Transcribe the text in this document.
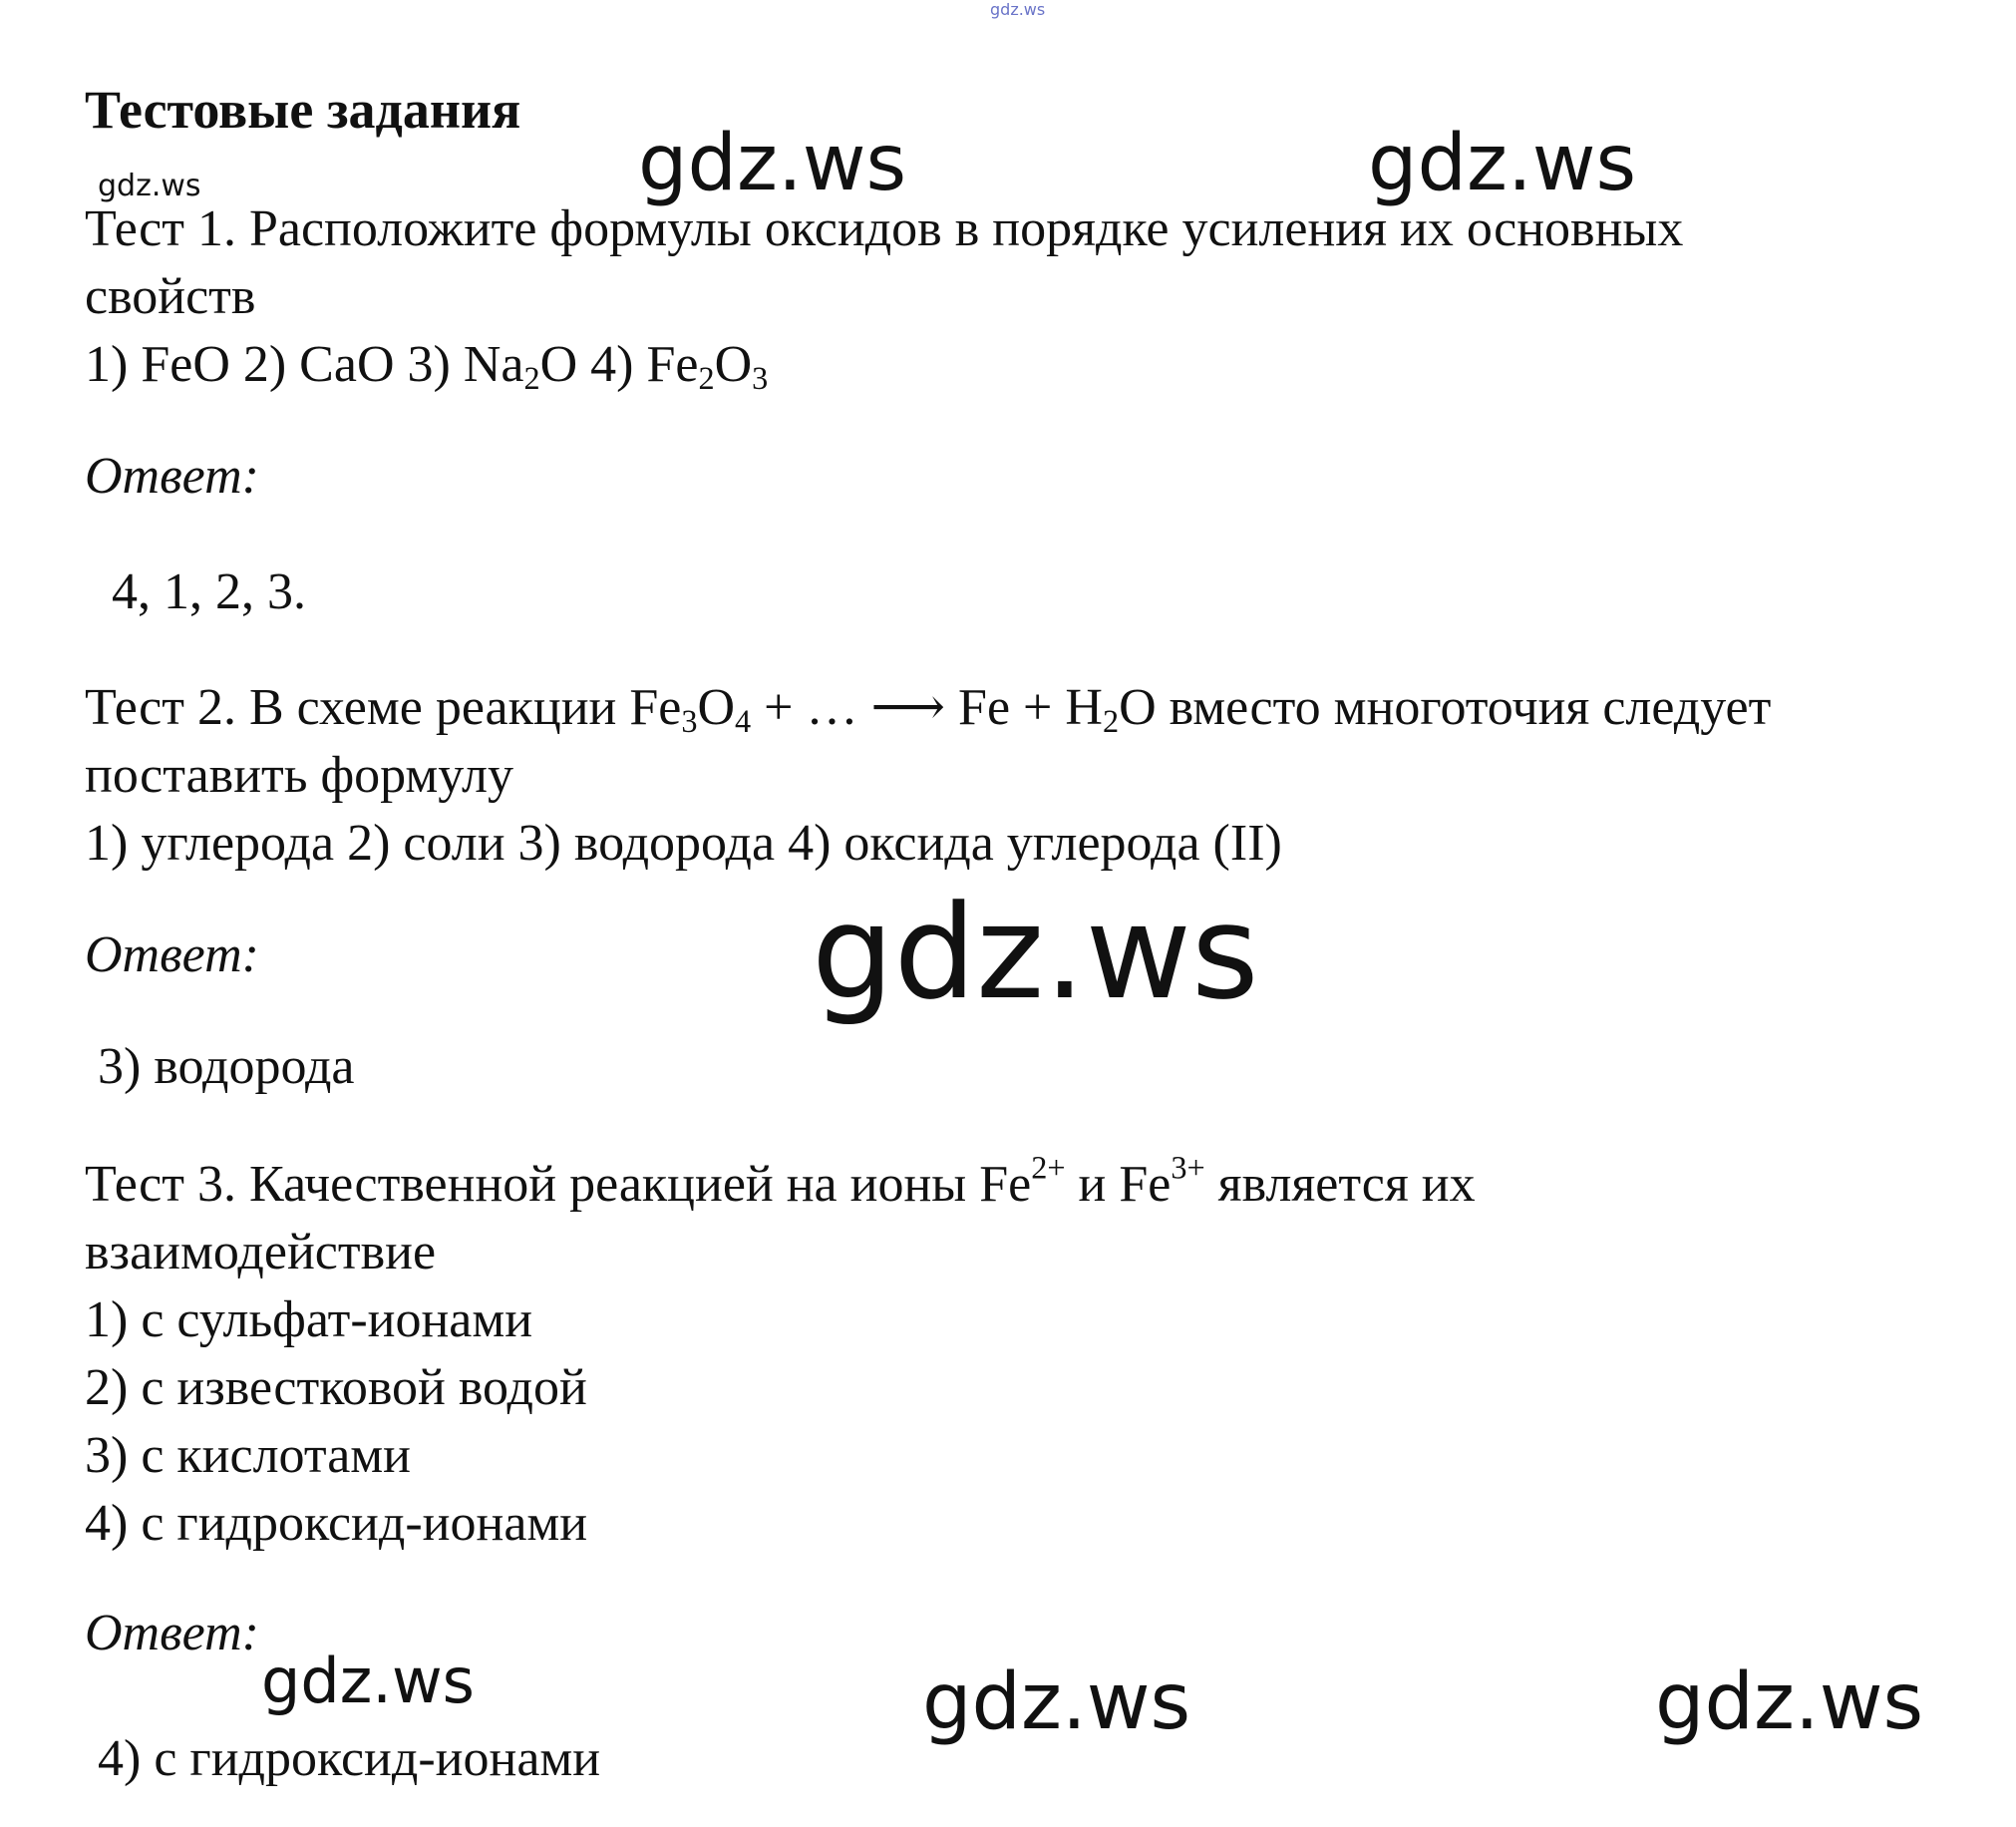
gdz.ws
gdz.ws	gdz.ws	gdz.ws
gdz.ws
gdz.ws	gdz.ws	gdz.ws
Тестовые задания
Тест 1. Расположите формулы оксидов в порядке усиления их основных
свойств
1) FeO 2) CaO 3) $Na_2O$ 4) $Fe_2O_3$
Ответ:
4, 1, 2, 3.
Тест 2. В схеме реакции $Fe_3O_4$ + … ⟶ $Fe + H_2O$ вместо многоточия следует
поставить формулу
1) углерода 2) соли 3) водорода 4) оксида углерода (II)
Ответ:
3) водорода
Тест 3. Качественной реакцией на ионы $Fe^{2+}$ и $Fe^{3+}$ является их
взаимодействие
1) с сульфат-ионами
2) с известковой водой
3) с кислотами
4) с гидроксид-ионами
Ответ:
4) с гидроксид-ионами
